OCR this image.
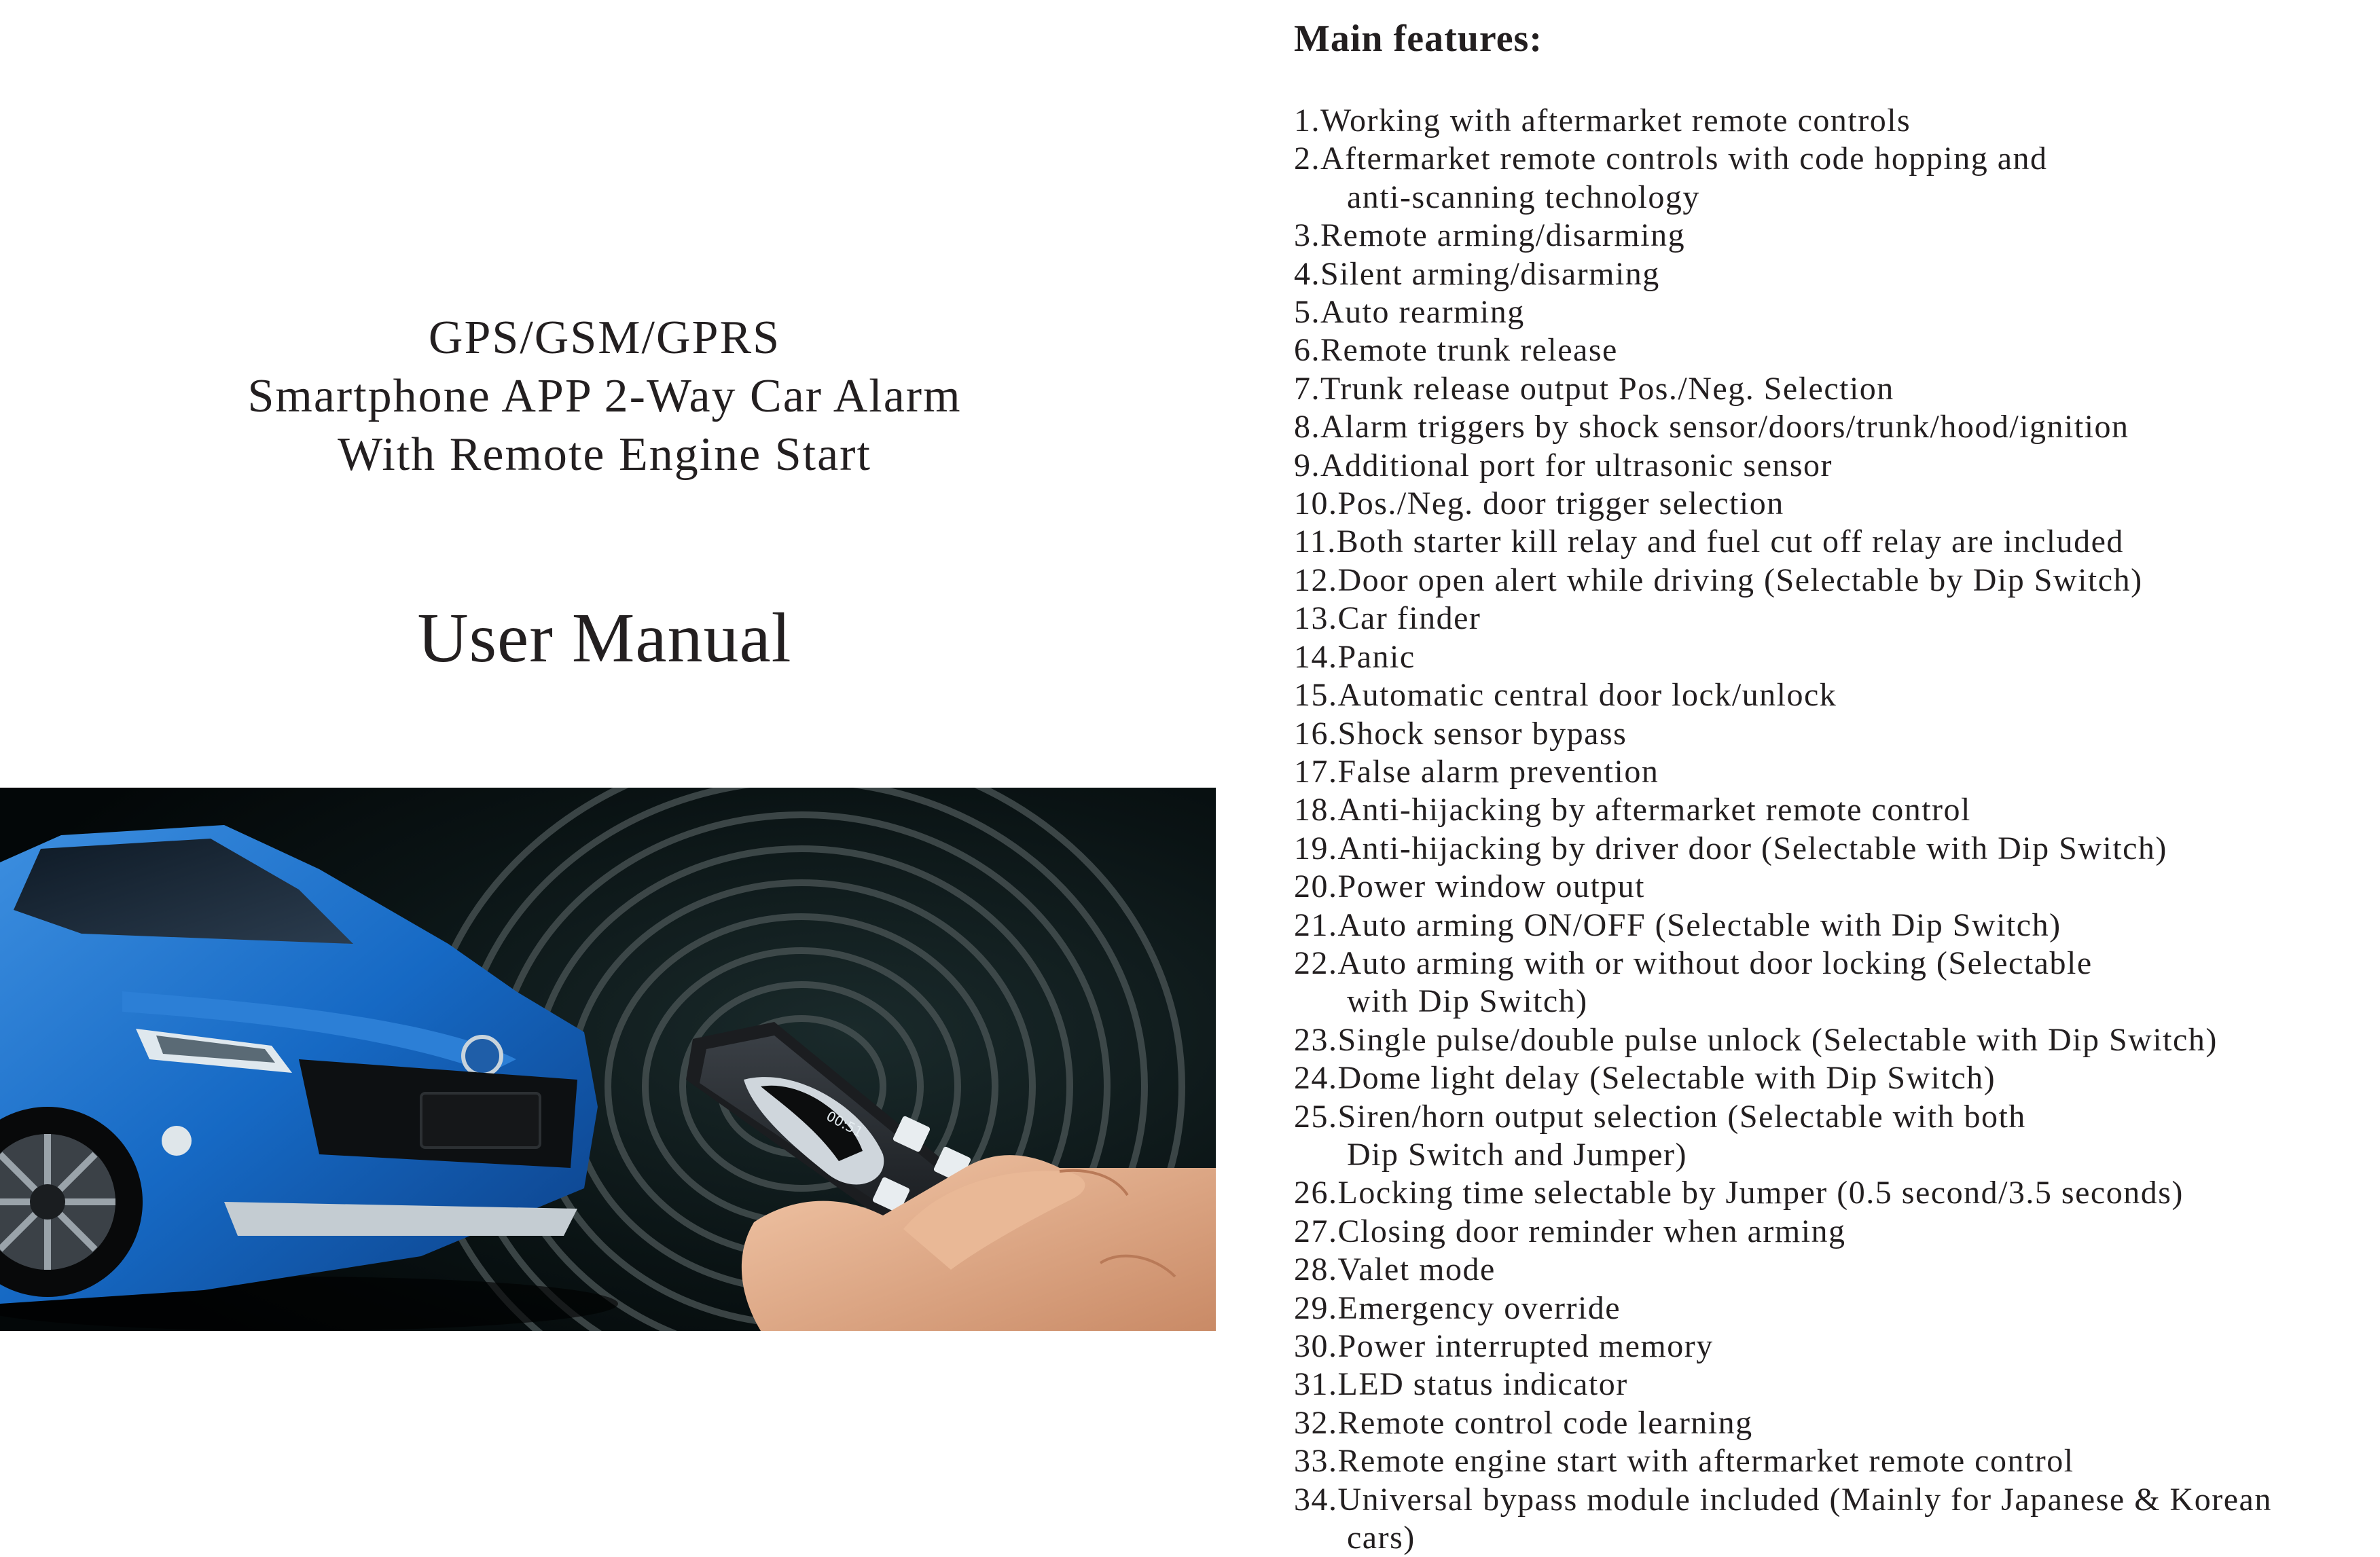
GPS/GSM/GPRS
Smartphone APP 2-Way Car Alarm
With Remote Engine Start
User Manual
00:51
Main features:
1.Working with aftermarket remote controls
2.Aftermarket remote controls with code hopping and
anti-scanning technology
3.Remote arming/disarming
4.Silent arming/disarming
5.Auto rearming
6.Remote trunk release
7.Trunk release output Pos./Neg. Selection
8.Alarm triggers by shock sensor/doors/trunk/hood/ignition
9.Additional port for ultrasonic sensor
10.Pos./Neg. door trigger selection
11.Both starter kill relay and fuel cut off relay are included
12.Door open alert while driving (Selectable by Dip Switch)
13.Car finder
14.Panic
15.Automatic central door lock/unlock
16.Shock sensor bypass
17.False alarm prevention
18.Anti-hijacking by aftermarket remote control
19.Anti-hijacking by driver door (Selectable with Dip Switch)
20.Power window output
21.Auto arming ON/OFF (Selectable with Dip Switch)
22.Auto arming with or without door locking (Selectable
with Dip Switch)
23.Single pulse/double pulse unlock (Selectable with Dip Switch)
24.Dome light delay (Selectable with Dip Switch)
25.Siren/horn output selection (Selectable with both
Dip Switch and Jumper)
26.Locking time selectable by Jumper (0.5 second/3.5 seconds)
27.Closing door reminder when arming
28.Valet mode
29.Emergency override
30.Power interrupted memory
31.LED status indicator
32.Remote control code learning
33.Remote engine start with aftermarket remote control
34.Universal bypass module included (Mainly for Japanese & Korean
cars)
